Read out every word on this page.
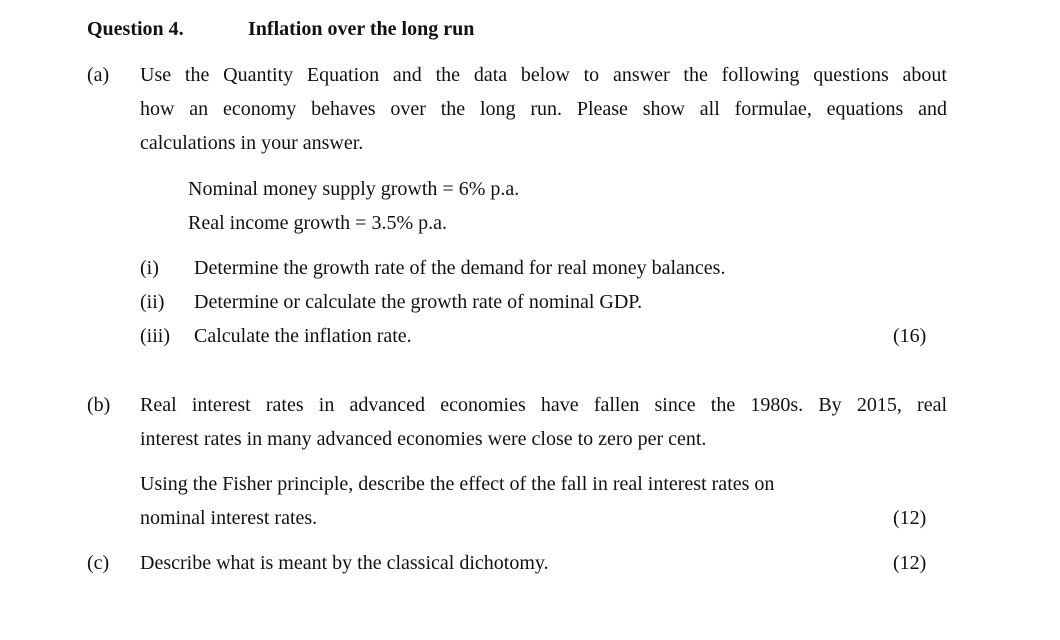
Question 4.	Inflation over the long run
(a) Use the Quantity Equation and the data below to answer the following questions about
how an economy behaves over the long run. Please show all formulae, equations and
calculations in your answer.
Nominal money supply growth = 6% p.a.
Real income growth = 3.5% p.a.
(i) Determine the growth rate of the demand for real money balances.
(ii) Determine or calculate the growth rate of nominal GDP.
(iii) Calculate the inflation rate.	(16)
(b) Real interest rates in advanced economies have fallen since the 1980s. By 2015, real
interest rates in many advanced economies were close to zero per cent.
Using the Fisher principle, describe the effect of the fall in real interest rates on
nominal interest rates.	(12)
(c) Describe what is meant by the classical dichotomy.	(12)
